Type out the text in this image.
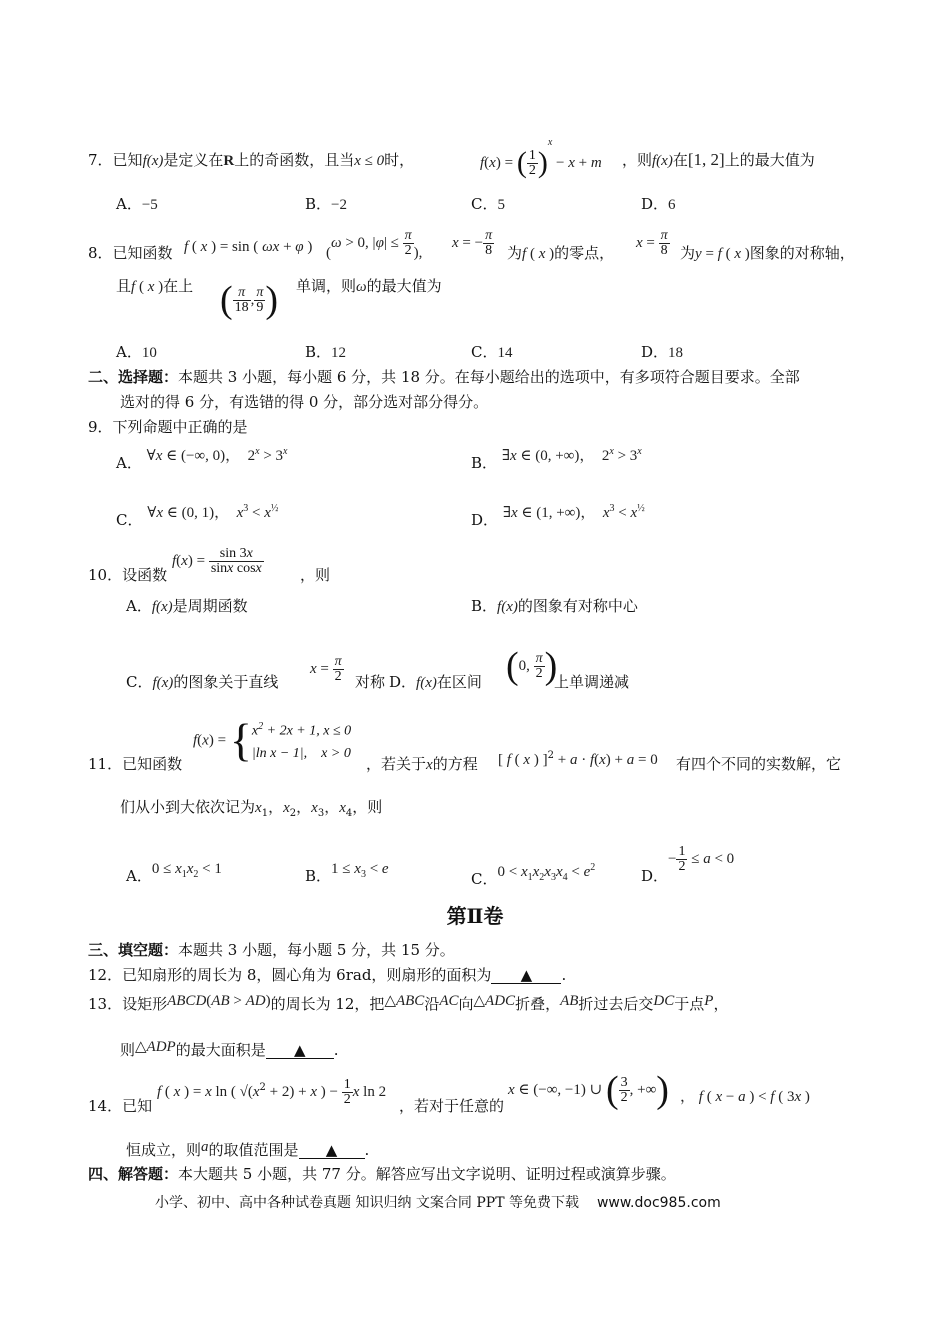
7．已知f(x)是定义在R上的奇函数，且当x ≤ 0时，	f(x) = ( $\frac{1}{2} )^x - x + m$ ，则f(x)在[1, 2]上的最大值为
A．−5	B．−2	C．5	D．6
8．已知函数 f ( x ) = sin ( ωx + φ ) (ω > 0, $|\varphi| \le \frac{\pi}{2}$ ),
x = − $\frac{\pi}{8}$ 为f ( x )的零点，
$x = \frac{\pi}{8}$ 为y = f ( x )图象的对称轴，
且f ( x )在上 ( $\frac{\pi}{18}$ , $\frac{\pi}{9}$ ) 单调，则ω的最大值为
A．10	B．12	C．14	D．18
二、选择题：本题共 3 小题，每小题 6 分，共 18 分。在每小题给出的选项中，有多项符合题目要求。全部
选对的得 6 分，有选错的得 0 分，部分选对部分得分。
9．下列命题中正确的是
A． ∀x ∈ (−∞, 0)，  $2^x > 3^x$
B． ∃x ∈ (0, +∞)，  $2^x > 3^x$
C． ∀x ∈ (0, 1)，  $x^3 < x^{\frac{1}{2}}$
D． ∃x ∈ (1, +∞)，  $x^3 < x^{\frac{1}{2}}$
10．设函数
$f(x) = \frac{\sin 3x}{\text{sinx cosx}}$ ，则
A．f(x)是周期函数	B．f(x)的图象有对称中心
C．f(x)的图象关于直线
$x = \frac{\pi}{2}$ 对称 D．f(x)在区间 (0, $\frac{\pi}{2}$ )
上单调递减
11．已知函数
f(x) = { $x^2 + 2x + 1$, x ≤ 0
|ln x − 1|,    x > 0
，若关于x的方程 [ f ( x ) ]$^2$ + a · f(x) + a = 0 有四个不同的实数解，它
们从小到大依次记为$x_1$，$x_2$，$x_3$，$x_4$，则
A．$0 \le x_1x_2 < 1$	B．$1 \le x_3 < e$
C．$0 < x_1x_2x_3x_4 < e^2$	D．
− $\frac{1}{2} \le a < 0$
第Ⅱ卷
三、填空题：本题共 3 小题，每小题 5 分，共 15 分。
12．已知扇形的周长为 8，圆心角为 6rad，则扇形的面积为 ▲ .
13．设矩形ABCD(AB > AD)的周长为 12，把△ABC沿AC向△ADC折叠，AB折过去后交DC于点P，
则△ADP的最大面积是 ▲ .
14．已知
f ( x ) = x ln ( $√(x^2 + 2) + x$ ) − $\frac{1}{2}$ x ln 2
，若对于任意的
x ∈ (−∞, −1) ∪ ( $\frac{3}{2}$ , +∞) ， f ( x − a ) < f ( 3x )
恒成立，则a的取值范围是 ▲ .
四、解答题：本大题共 5 小题，共 77 分。解答应写出文字说明、证明过程或演算步骤。
小学、初中、高中各种试卷真题 知识归纳 文案合同 PPT 等免费下载 www.doc985.com
